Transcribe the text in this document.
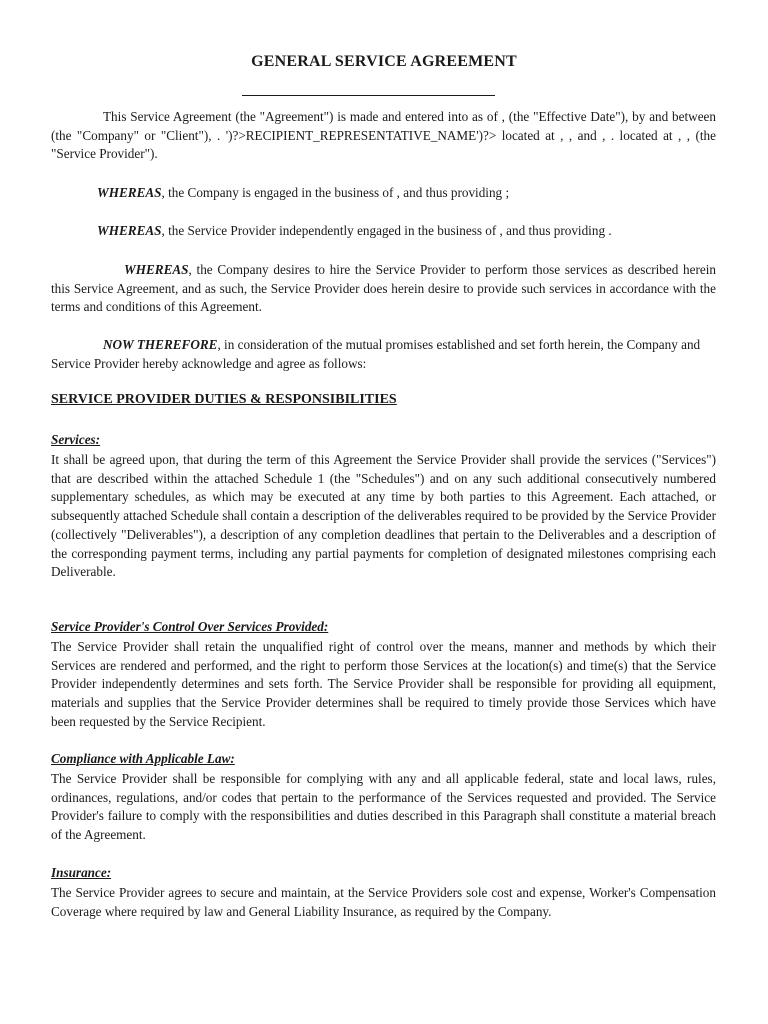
GENERAL SERVICE AGREEMENT

This Service Agreement (the "Agreement") is made and entered into as of , (the "Effective Date"), by and between (the "Company" or "Client"), . ')?>RECIPIENT_REPRESENTATIVE_NAME')?> located at , , and , . located at , , (the "Service Provider").

WHEREAS, the Company is engaged in the business of , and thus providing ;

WHEREAS, the Service Provider independently engaged in the business of , and thus providing .

WHEREAS, the Company desires to hire the Service Provider to perform those services as described herein this Service Agreement, and as such, the Service Provider does herein desire to provide such services in accordance with the terms and conditions of this Agreement.

NOW THEREFORE, in consideration of the mutual promises established and set forth herein, the Company and Service Provider hereby acknowledge and agree as follows:

SERVICE PROVIDER DUTIES & RESPONSIBILITIES
Services:

It shall be agreed upon, that during the term of this Agreement the Service Provider shall provide the services ("Services") that are described within the attached Schedule 1 (the "Schedules") and on any such additional consecutively numbered supplementary schedules, as which may be executed at any time by both parties to this Agreement. Each attached, or subsequently attached Schedule shall contain a description of the deliverables required to be provided by the Service Provider (collectively "Deliverables"), a description of any completion deadlines that pertain to the Deliverables and a description of the corresponding payment terms, including any partial payments for completion of designated milestones comprising each Deliverable.

Service Provider's Control Over Services Provided:

The Service Provider shall retain the unqualified right of control over the means, manner and methods by which their Services are rendered and performed, and the right to perform those Services at the location(s) and time(s) that the Service Provider independently determines and sets forth. The Service Provider shall be responsible for providing all equipment, materials and supplies that the Service Provider determines shall be required to timely provide those Services which have been requested by the Service Recipient.

Compliance with Applicable Law:

The Service Provider shall be responsible for complying with any and all applicable federal, state and local laws, rules, ordinances, regulations, and/or codes that pertain to the performance of the Services requested and provided. The Service Provider's failure to comply with the responsibilities and duties described in this Paragraph shall constitute a material breach of the Agreement.

Insurance:

The Service Provider agrees to secure and maintain, at the Service Providers sole cost and expense, Worker's Compensation Coverage where required by law and General Liability Insurance, as required by the Company.
